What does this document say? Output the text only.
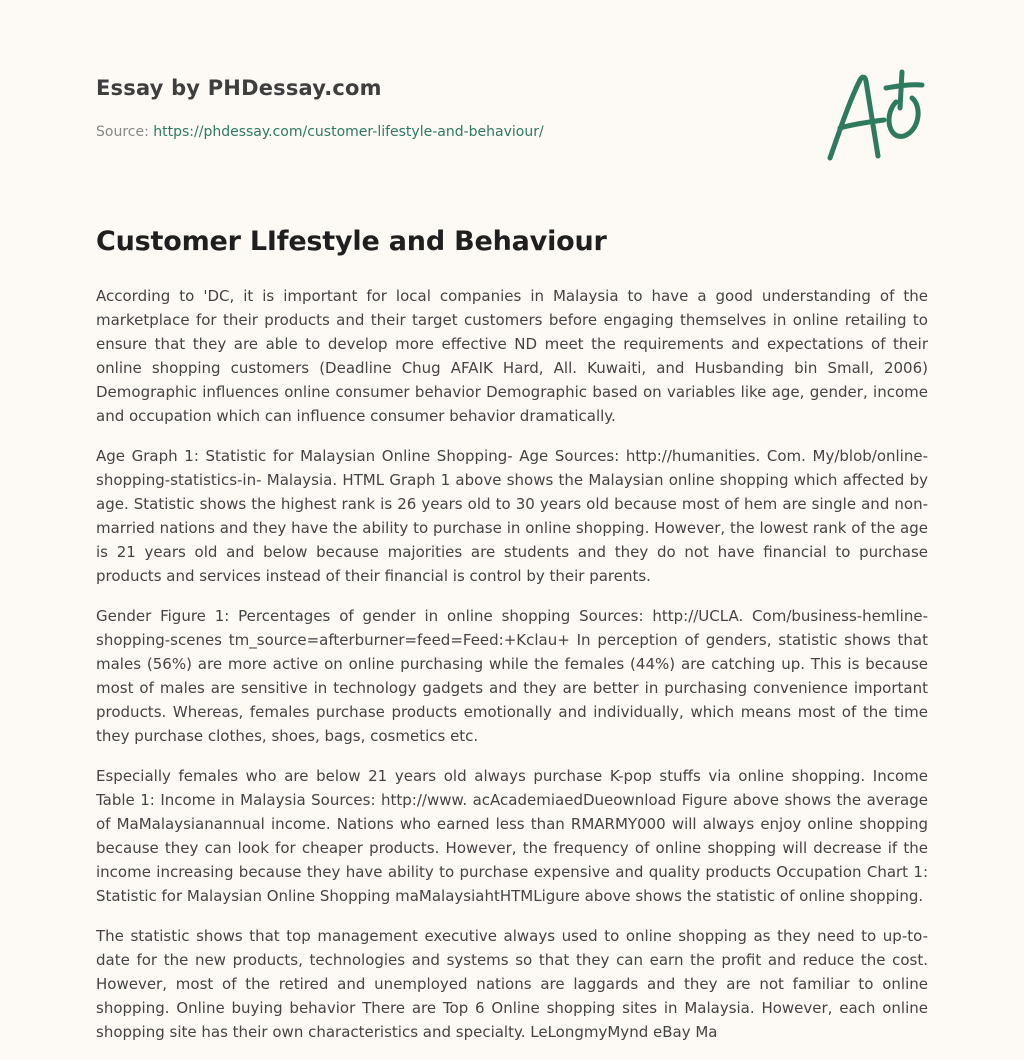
Essay by PHDessay.com
Source: https://phdessay.com/customer-lifestyle-and-behaviour/
Customer LIfestyle and Behaviour

According to 'DC, it is important for local companies in Malaysia to have a good understanding of the marketplace for their products and their target customers before engaging themselves in online retailing to ensure that they are able to develop more effective ND meet the requirements and expectations of their online shopping customers (Deadline Chug AFAIK Hard, All. Kuwaiti, and Husbanding bin Small, 2006) Demographic influences online consumer behavior Demographic based on variables like age, gender, income and occupation which can influence consumer behavior dramatically.

Age Graph 1: Statistic for Malaysian Online Shopping- Age Sources: http://humanities. Com. My/blob/online-shopping-statistics-in- Malaysia. HTML Graph 1 above shows the Malaysian online shopping which affected by age. Statistic shows the highest rank is 26 years old to 30 years old because most of hem are single and non-married nations and they have the ability to purchase in online shopping. However, the lowest rank of the age is 21 years old and below because majorities are students and they do not have financial to purchase products and services instead of their financial is control by their parents.

Gender Figure 1: Percentages of gender in online shopping Sources: http://UCLA. Com/business-hemline-shopping-scenes tm_source=afterburner=feed=Feed:+Kclau+ In perception of genders, statistic shows that males (56%) are more active on online purchasing while the females (44%) are catching up. This is because most of males are sensitive in technology gadgets and they are better in purchasing convenience important products. Whereas, females purchase products emotionally and individually, which means most of the time they purchase clothes, shoes, bags, cosmetics etc.

Especially females who are below 21 years old always purchase K-pop stuffs via online shopping. Income Table 1: Income in Malaysia Sources: http://www. acAcademiaedDueownload Figure above shows the average of MaMalaysianannual income. Nations who earned less than RMARMY000 will always enjoy online shopping because they can look for cheaper products. However, the frequency of online shopping will decrease if the income increasing because they have ability to purchase expensive and quality products Occupation Chart 1: Statistic for Malaysian Online Shopping maMalaysiahtHTMLigure above shows the statistic of online shopping.

The statistic shows that top management executive always used to online shopping as they need to up-to-date for the new products, technologies and systems so that they can earn the profit and reduce the cost. However, most of the retired and unemployed nations are laggards and they are not familiar to online shopping. Online buying behavior There are Top 6 Online shopping sites in Malaysia. However, each online shopping site has their own characteristics and specialty. LeLongmyMynd eBay Ma
